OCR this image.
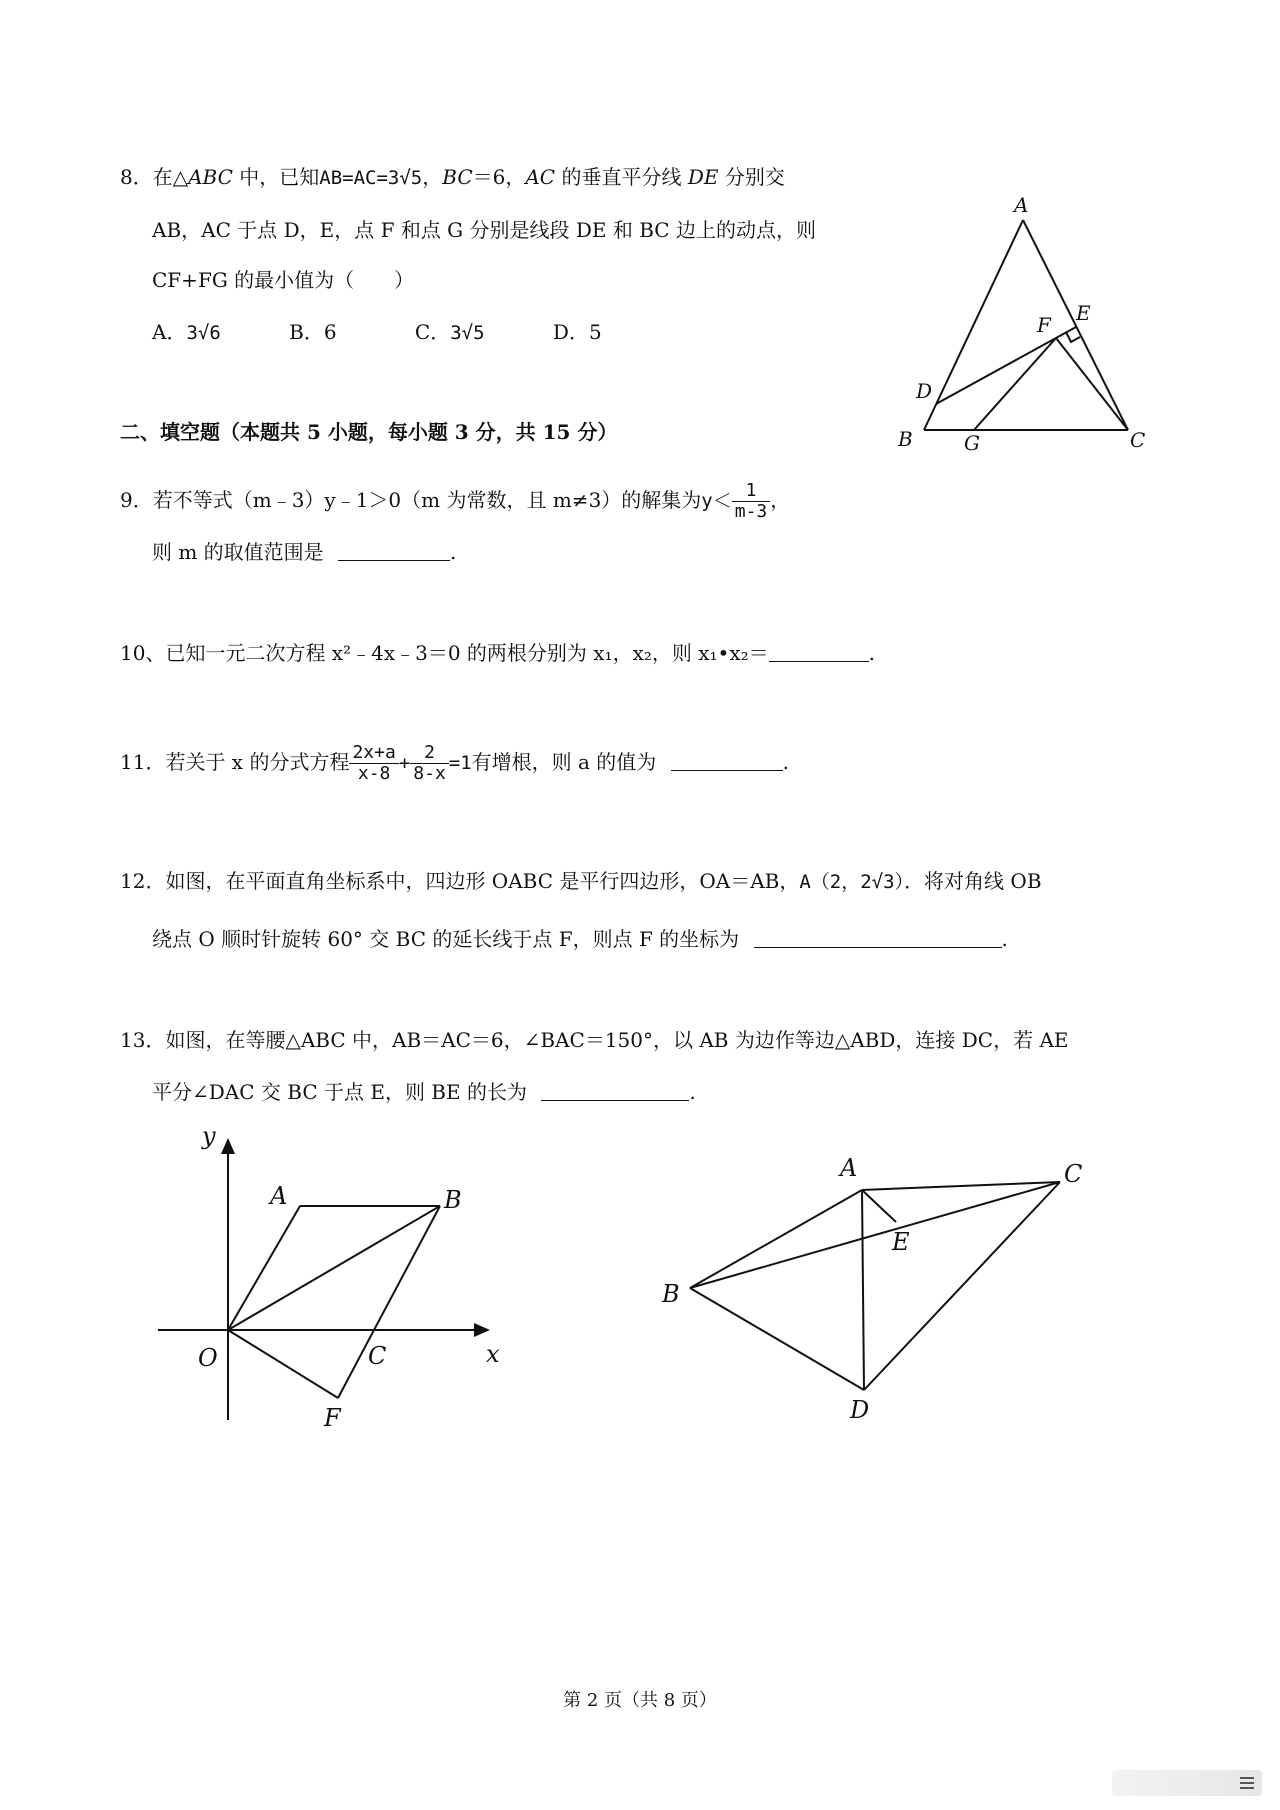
8．在△ABC 中，已知AB=AC=3√5，BC＝6，AC 的垂直平分线 DE 分别交
AB，AC 于点 D，E，点 F 和点 G 分别是线段 DE 和 BC 边上的动点，则
CF+FG 的最小值为（　　）
A．3√6	B．6	C．3√5	D．5
A
B	C
D
E
F
G
二、填空题（本题共 5 小题，每小题 3 分，共 15 分）
9．若不等式（m﹣3）y﹣1＞0（m 为常数，且 m≠3）的解集为$y< \frac{1}{m-3}$ ，
则 m 的取值范围是	.
10、已知一元二次方程 x²﹣4x﹣3＝0 的两根分别为 x₁，x₂，则 x₁•x₂＝	.
11．若关于 x 的分式方程 $\frac{2x+a}{x-8} + \frac{2}{8-x} =1$有增根，则 a 的值为	.
12．如图，在平面直角坐标系中，四边形 OABC 是平行四边形，OA＝AB，A（2，2√3）．将对角线 OB
绕点 O 顺时针旋转 60° 交 BC 的延长线于点 F，则点 F 的坐标为	.
13．如图，在等腰△ABC 中，AB＝AC＝6，∠BAC＝150°，以 AB 为边作等边△ABD，连接 DC，若 AE
平分∠DAC 交 BC 于点 E，则 BE 的长为	.
y
x
O
A	B
C
F
A
B
C
D
E
第 2 页（共 8 页）
